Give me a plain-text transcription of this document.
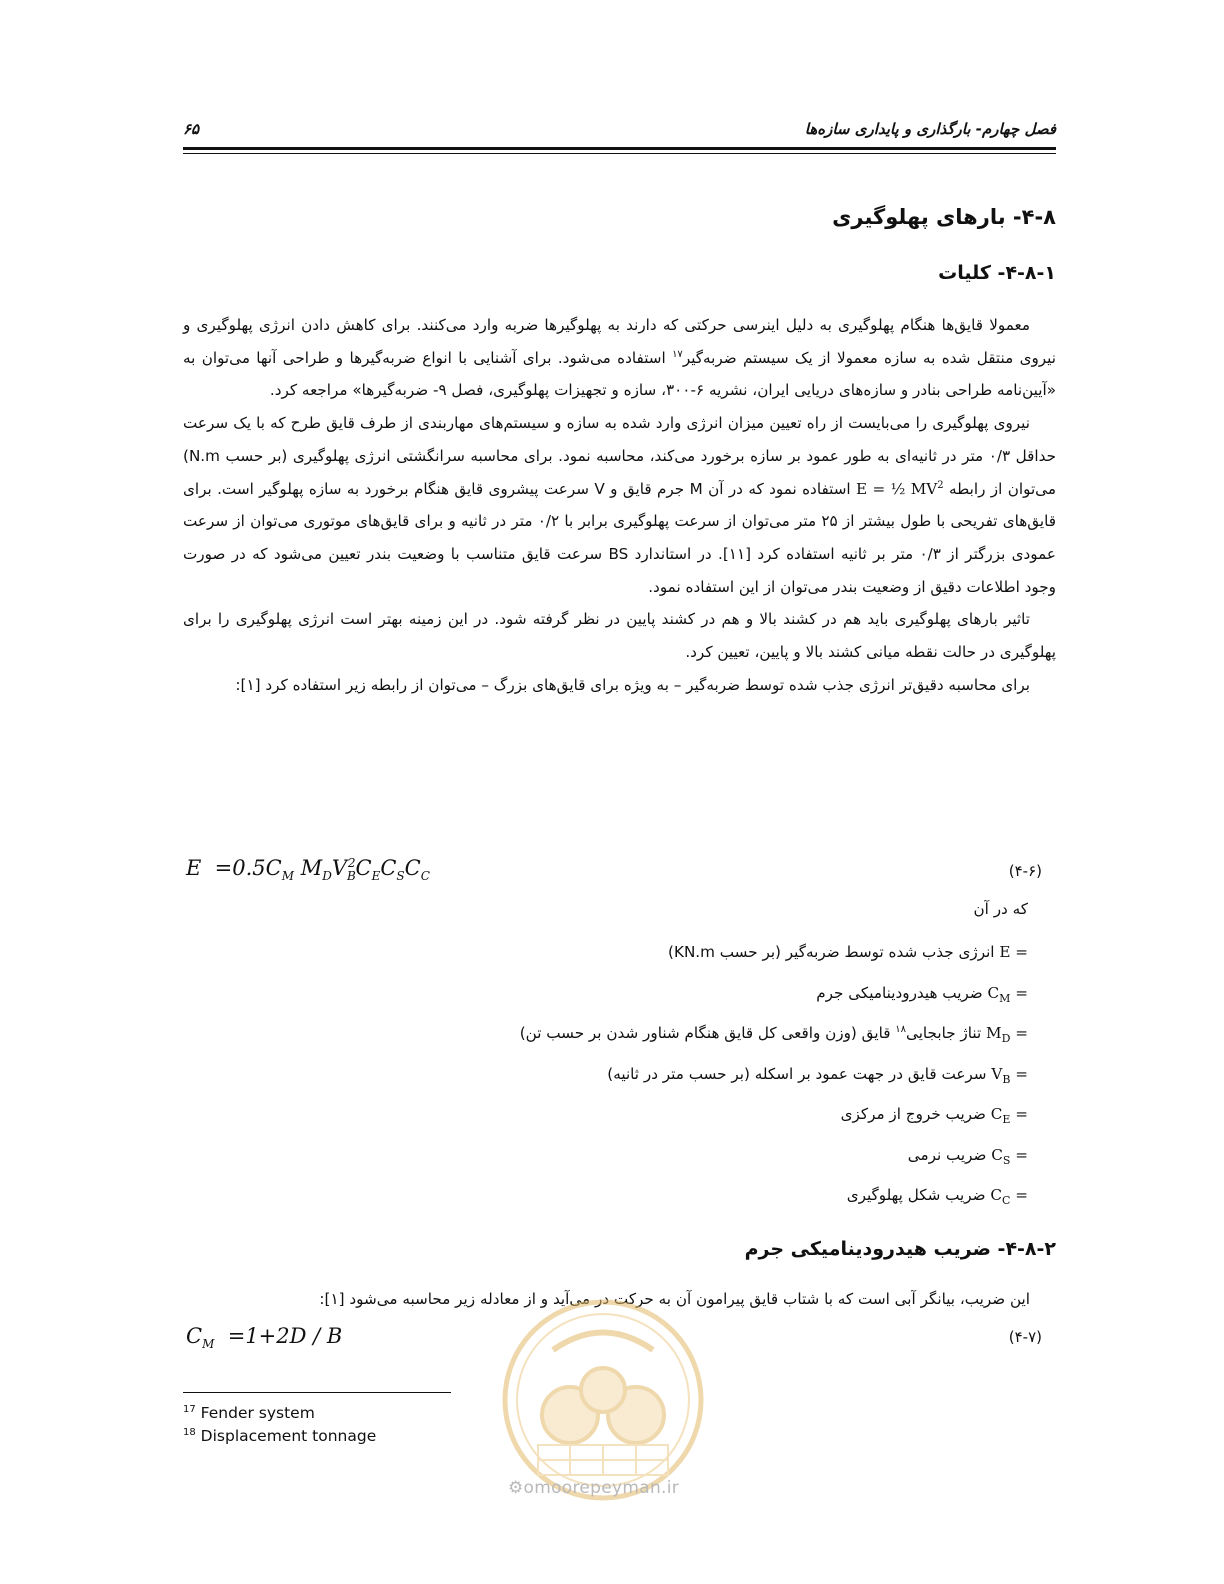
فصل چهارم- بارگذاری و پایداری سازه‌ها
۶۵
۴-۸- بارهای پهلوگیری
۴-۸-۱- کلیات

معمولا قایق‌ها هنگام پهلوگیری به دلیل اینرسی حرکتی که دارند به پهلوگیرها ضربه وارد می‌کنند. برای کاهش دادن انرژی پهلوگیری و نیروی منتقل شده به سازه معمولا از یک سیستم ضربه‌گیر$^{۱۷}$ استفاده می‌شود. برای آشنایی با انواع ضربه‌گیرها و طراحی آنها می‌توان به «آیین‌نامه طراحی بنادر و سازه‌های دریایی ایران، نشریه ۶-۳۰۰، سازه و تجهیزات پهلوگیری، فصل ۹- ضربه‌گیرها» مراجعه کرد.

نیروی پهلوگیری را می‌بایست از راه تعیین میزان انرژی وارد شده به سازه و سیستم‌های مهاربندی از طرف قایق طرح که با یک سرعت حداقل ۰/۳ متر در ثانیه‌ای به طور عمود بر سازه برخورد می‌کند، محاسبه نمود. برای محاسبه سرانگشتی انرژی پهلوگیری (بر حسب N.m) می‌توان از رابطه E = ½ $MV^2$ استفاده نمود که در آن M جرم قایق و V سرعت پیشروی قایق هنگام برخورد به سازه پهلوگیر است. برای قایق‌های تفریحی با طول بیشتر از ۲۵ متر می‌توان از سرعت پهلوگیری برابر با ۰/۲ متر در ثانیه و برای قایق‌های موتوری می‌توان از سرعت عمودی بزرگتر از ۰/۳ متر بر ثانیه استفاده کرد [۱۱]. در استاندارد BS سرعت قایق متناسب با وضعیت بندر تعیین می‌شود که در صورت وجود اطلاعات دقیق از وضعیت بندر می‌توان از این استفاده نمود.

تاثیر بارهای پهلوگیری باید هم در کشند بالا و هم در کشند پایین در نظر گرفته شود. در این زمینه بهتر است انرژی پهلوگیری را برای پهلوگیری در حالت نقطه میانی کشند بالا و پایین، تعیین کرد.

برای محاسبه دقیق‌تر انرژی جذب شده توسط ضربه‌گیر – به ویژه برای قایق‌های بزرگ – می‌توان از رابطه زیر استفاده کرد [۱]:

$E =0.5C_M$ $M_DV_B^2C_EC_SC_C$	(۴-۶)
که در آن
E = انرژی جذب شده توسط ضربه‌گیر (بر حسب KN.m)
$C_M$ = ضریب هیدرودینامیکی جرم
$M_D$ = تناژ جابجایی$^{۱۸}$ قایق (وزن واقعی کل قایق هنگام شناور شدن بر حسب تن)
$V_B$ = سرعت قایق در جهت عمود بر اسکله (بر حسب متر در ثانیه)
$C_E$ = ضریب خروج از مرکزی
$C_S$ = ضریب نرمی
$C_C$ = ضریب شکل پهلوگیری
۴-۸-۲- ضریب هیدرودینامیکی جرم

این ضریب، بیانگر آبی است که با شتاب قایق پیرامون آن به حرکت در می‌آید و از معادله زیر محاسبه می‌شود [۱]:

$C_M =1+2D / B$	(۴-۷)
$^{17}$ Fender system
$^{18}$ Displacement tonnage
⚙omoorepeyman.ir
